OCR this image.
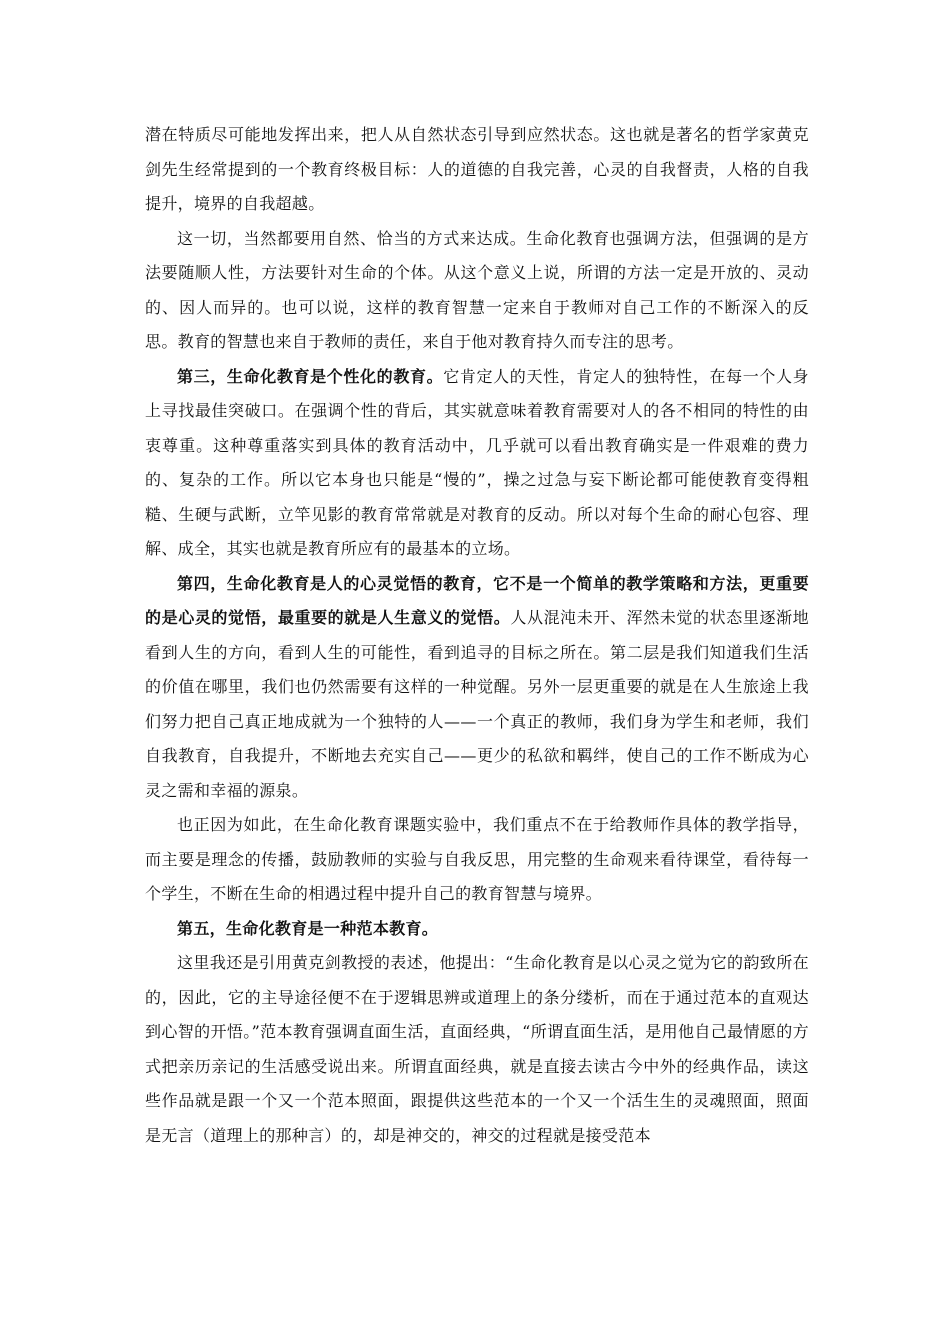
潜在特质尽可能地发挥出来，把人从自然状态引导到应然状态。这也就是著名的哲学家黄克剑先生经常提到的一个教育终极目标：人的道德的自我完善，心灵的自我督责，人格的自我提升，境界的自我超越。

这一切，当然都要用自然、恰当的方式来达成。生命化教育也强调方法，但强调的是方法要随顺人性，方法要针对生命的个体。从这个意义上说，所谓的方法一定是开放的、灵动的、因人而异的。也可以说，这样的教育智慧一定来自于教师对自己工作的不断深入的反思。教育的智慧也来自于教师的责任，来自于他对教育持久而专注的思考。

第三，生命化教育是个性化的教育。它肯定人的天性，肯定人的独特性，在每一个人身上寻找最佳突破口。在强调个性的背后，其实就意味着教育需要对人的各不相同的特性的由衷尊重。这种尊重落实到具体的教育活动中，几乎就可以看出教育确实是一件艰难的费力的、复杂的工作。所以它本身也只能是“慢的”，操之过急与妄下断论都可能使教育变得粗糙、生硬与武断，立竿见影的教育常常就是对教育的反动。所以对每个生命的耐心包容、理解、成全，其实也就是教育所应有的最基本的立场。

第四，生命化教育是人的心灵觉悟的教育，它不是一个简单的教学策略和方法，更重要的是心灵的觉悟，最重要的就是人生意义的觉悟。人从混沌未开、浑然未觉的状态里逐渐地看到人生的方向，看到人生的可能性，看到追寻的目标之所在。第二层是我们知道我们生活的价值在哪里，我们也仍然需要有这样的一种觉醒。另外一层更重要的就是在人生旅途上我们努力把自己真正地成就为一个独特的人——一个真正的教师，我们身为学生和老师，我们自我教育，自我提升，不断地去充实自己——更少的私欲和羁绊，使自己的工作不断成为心灵之需和幸福的源泉。

也正因为如此，在生命化教育课题实验中，我们重点不在于给教师作具体的教学指导，而主要是理念的传播，鼓励教师的实验与自我反思，用完整的生命观来看待课堂，看待每一个学生，不断在生命的相遇过程中提升自己的教育智慧与境界。

第五，生命化教育是一种范本教育。

这里我还是引用黄克剑教授的表述，他提出：“生命化教育是以心灵之觉为它的韵致所在的，因此，它的主导途径便不在于逻辑思辨或道理上的条分缕析，而在于通过范本的直观达到心智的开悟。”范本教育强调直面生活，直面经典，“所谓直面生活，是用他自己最情愿的方式把亲历亲记的生活感受说出来。所谓直面经典，就是直接去读古今中外的经典作品，读这些作品就是跟一个又一个范本照面，跟提供这些范本的一个又一个活生生的灵魂照面，照面是无言（道理上的那种言）的，却是神交的，神交的过程就是接受范本
